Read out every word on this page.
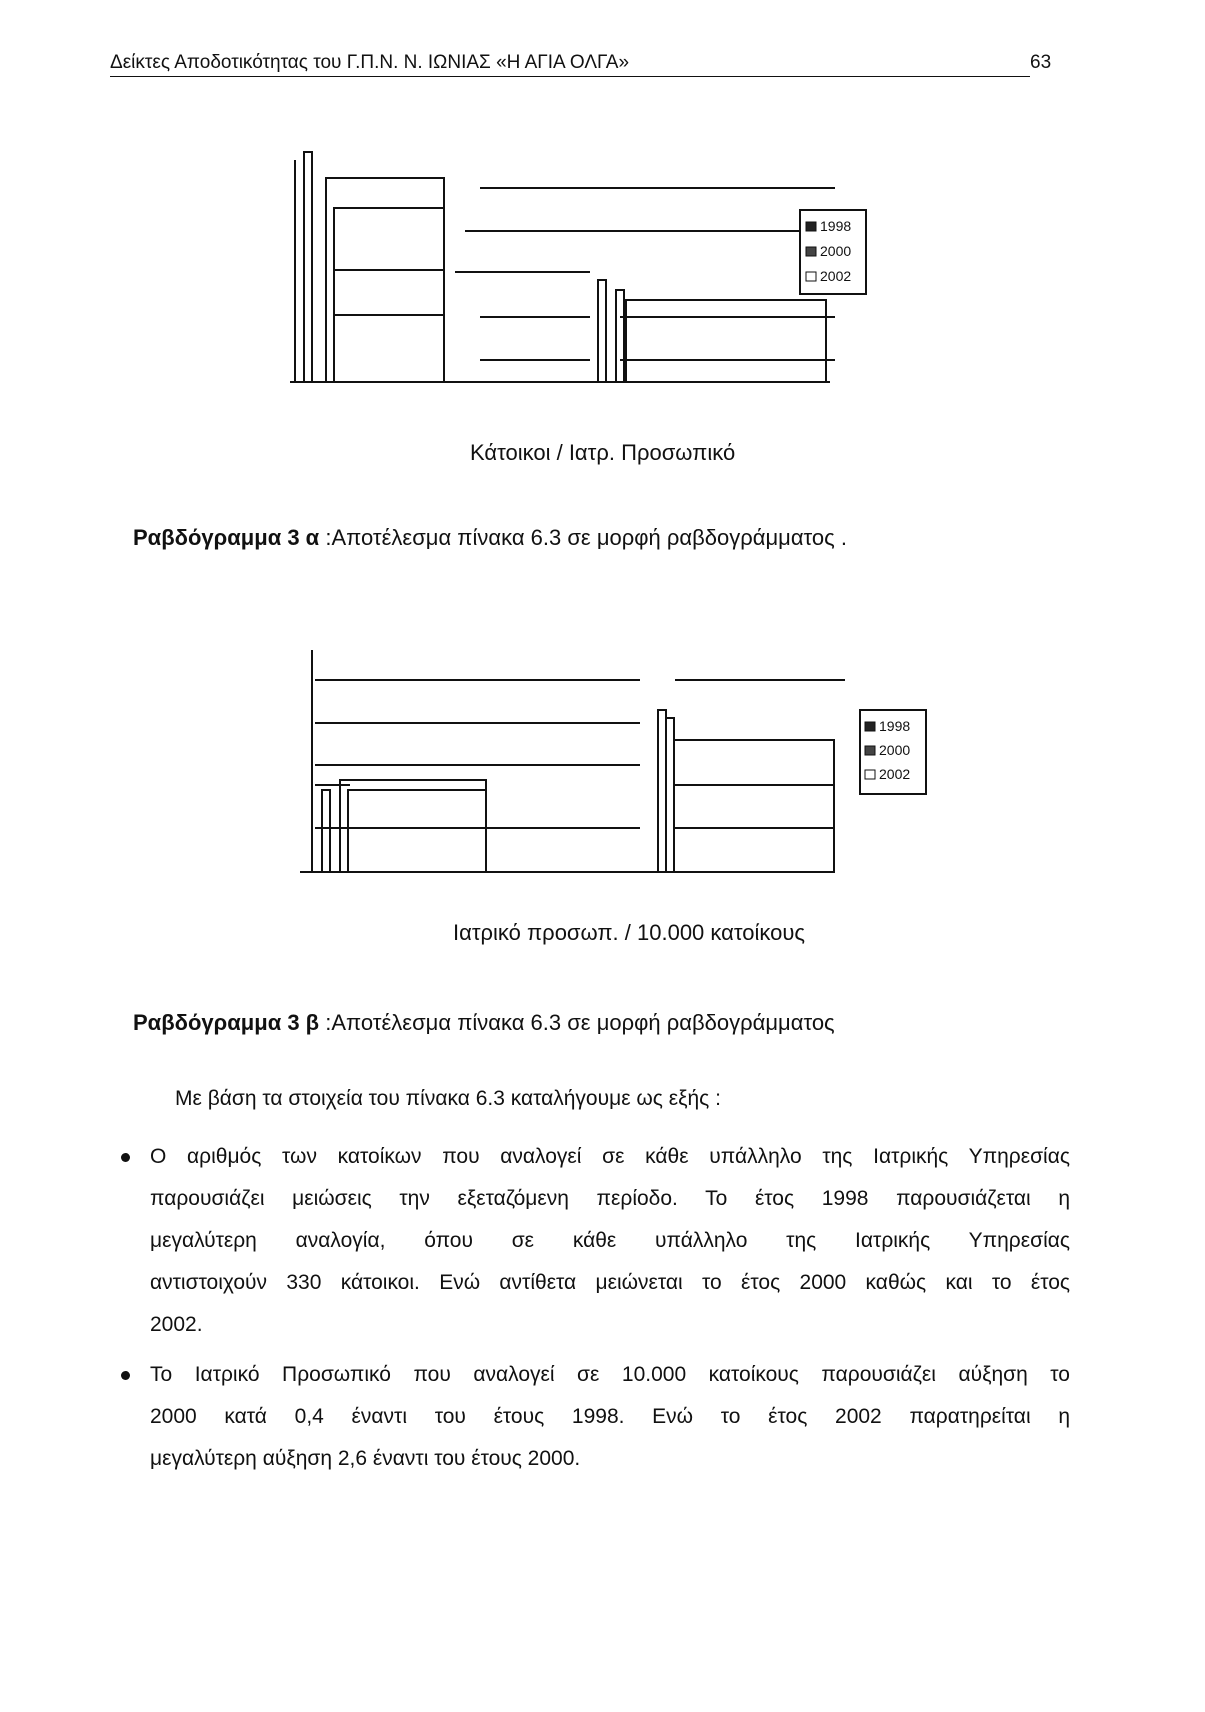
Δείκτες Αποδοτικότητας του Γ.Π.Ν. Ν. ΙΩΝΙΑΣ «Η ΑΓΙΑ ΟΛΓΑ»	63
1998
2000
2002
Κάτοικοι / Ιατρ. Προσωπικό
Ραβδόγραμμα 3 α :Αποτέλεσμα πίνακα 6.3 σε μορφή ραβδογράμματος .
1998
2000
2002
Ιατρικό προσωπ. / 10.000 κατοίκους
Ραβδόγραμμα 3 β :Αποτέλεσμα πίνακα 6.3 σε μορφή ραβδογράμματος
Με βάση τα στοιχεία του πίνακα 6.3 καταλήγουμε ως εξής :
Ο αριθμός των κατοίκων που αναλογεί σε κάθε υπάλληλο της Ιατρικής Υπηρεσίας
παρουσιάζει μειώσεις την εξεταζόμενη περίοδο. Το έτος 1998 παρουσιάζεται η
μεγαλύτερη αναλογία, όπου σε κάθε υπάλληλο της Ιατρικής Υπηρεσίας
αντιστοιχούν 330 κάτοικοι. Ενώ αντίθετα μειώνεται το έτος 2000 καθώς και το έτος
2002.
Το Ιατρικό Προσωπικό που αναλογεί σε 10.000 κατοίκους παρουσιάζει αύξηση το
2000 κατά 0,4 έναντι του έτους 1998. Ενώ το έτος 2002 παρατηρείται η
μεγαλύτερη αύξηση 2,6 έναντι του έτους 2000.
